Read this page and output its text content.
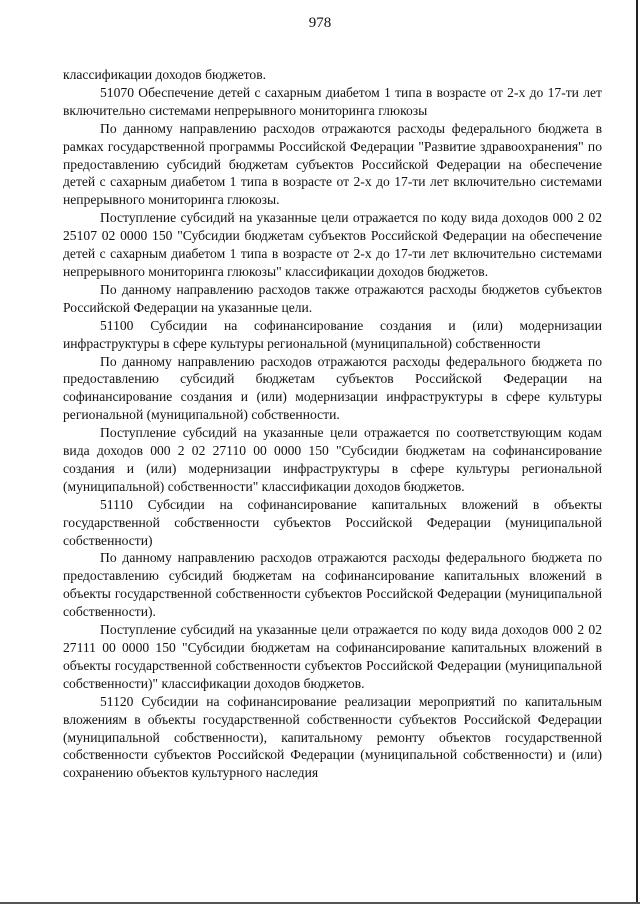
978

классификации доходов бюджетов.

51070 Обеспечение детей с сахарным диабетом 1 типа в возрасте от 2-х до 17-ти лет включительно системами непрерывного мониторинга глюкозы

По данному направлению расходов отражаются расходы федерального бюджета в рамках государственной программы Российской Федерации "Развитие здравоохранения" по предоставлению субсидий бюджетам субъектов Российской Федерации на обеспечение детей с сахарным диабетом 1 типа в возрасте от 2-х до 17-ти лет включительно системами непрерывного мониторинга глюкозы.

Поступление субсидий на указанные цели отражается по коду вида доходов 000 2 02 25107 02 0000 150 "Субсидии бюджетам субъектов Российской Федерации на обеспечение детей с сахарным диабетом 1 типа в возрасте от 2-х до 17-ти лет включительно системами непрерывного мониторинга глюкозы" классификации доходов бюджетов.

По данному направлению расходов также отражаются расходы бюджетов субъектов Российской Федерации на указанные цели.

51100 Субсидии на софинансирование создания и (или) модернизации инфраструктуры в сфере культуры региональной (муниципальной) собственности

По данному направлению расходов отражаются расходы федерального бюджета по предоставлению субсидий бюджетам субъектов Российской Федерации на софинансирование создания и (или) модернизации инфраструктуры в сфере культуры региональной (муниципальной) собственности.

Поступление субсидий на указанные цели отражается по соответствующим кодам вида доходов 000 2 02 27110 00 0000 150 "Субсидии бюджетам на софинансирование создания и (или) модернизации инфраструктуры в сфере культуры региональной (муниципальной) собственности" классификации доходов бюджетов.

51110 Субсидии на софинансирование капитальных вложений в объекты государственной собственности субъектов Российской Федерации (муниципальной собственности)

По данному направлению расходов отражаются расходы федерального бюджета по предоставлению субсидий бюджетам на софинансирование капитальных вложений в объекты государственной собственности субъектов Российской Федерации (муниципальной собственности).

Поступление субсидий на указанные цели отражается по коду вида доходов 000 2 02 27111 00 0000 150 "Субсидии бюджетам на софинансирование капитальных вложений в объекты государственной собственности субъектов Российской Федерации (муниципальной собственности)" классификации доходов бюджетов.

51120 Субсидии на софинансирование реализации мероприятий по капитальным вложениям в объекты государственной собственности субъектов Российской Федерации (муниципальной собственности), капитальному ремонту объектов государственной собственности субъектов Российской Федерации (муниципальной собственности) и (или) сохранению объектов культурного наследия
